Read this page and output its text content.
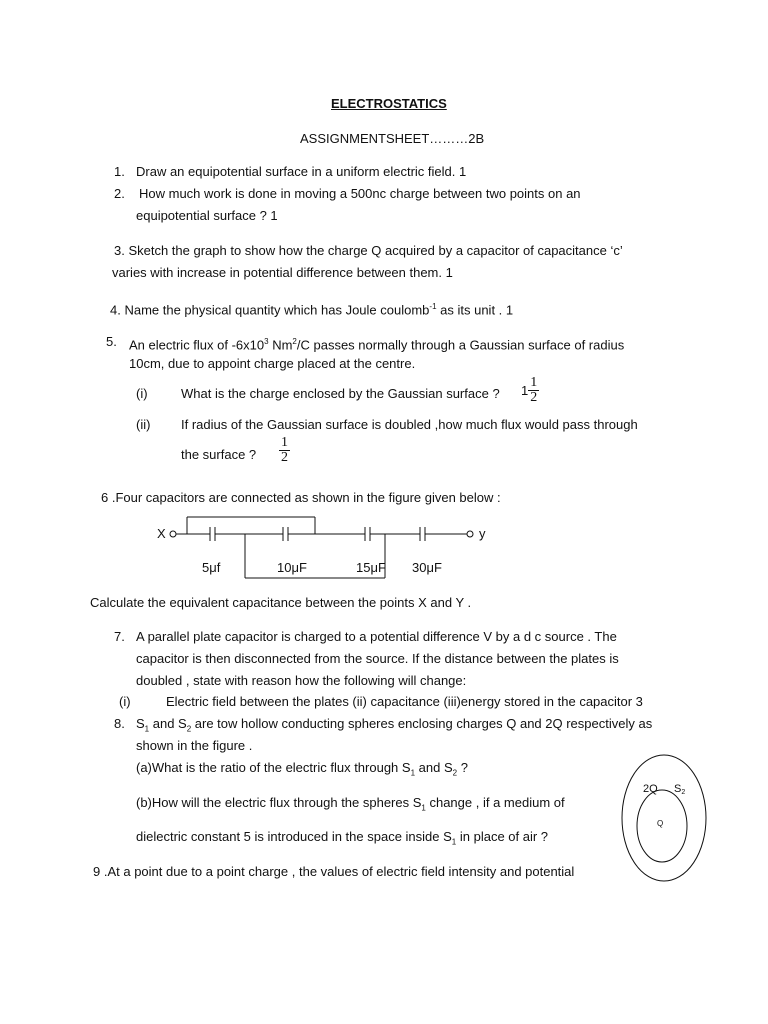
ELECTROSTATICS
ASSIGNMENTSHEET………2B
1. Draw an equipotential surface in a uniform electric field. 1
2. How much work is done in moving a 500nc charge between two points on an
equipotential surface ? 1
3. Sketch the graph to show how the charge Q acquired by a capacitor of capacitance ‘c’
varies with increase in potential difference between them. 1
4. Name the physical quantity which has Joule coulomb$^{-1}$ as its unit . 1
5. An electric flux of $-6x10^3$ Nm$^2$/C passes normally through a Gaussian surface of radius
10cm, due to appoint charge placed at the centre.
(i)	What is the charge enclosed by the Gaussian surface ? $1 \frac{1}{2}$
(ii) If radius of the Gaussian surface is doubled ,how much flux would pass through
the surface ? $\frac{1}{2}$
6 .Four capacitors are connected as shown in the figure given below :
X	y
5μf	10μF	15μF 30μF
Calculate the equivalent capacitance between the points X and Y .
7. A parallel plate capacitor is charged to a potential difference V by a d c source . The
capacitor is then disconnected from the source. If the distance between the plates is
doubled , state with reason how the following will change:
(i)	Electric field between the plates (ii) capacitance (iii)energy stored in the capacitor 3
8. $S_1$ and $S_2$ are tow hollow conducting spheres enclosing charges Q and 2Q respectively as
shown in the figure .
(a)What is the ratio of the electric flux through $S_1$ and $S_2$ ?
(b)How will the electric flux through the spheres $S_1$ change , if a medium of
dielectric constant 5 is introduced in the space inside $S_1$ in place of air ?
2Q S2
Q
9 .At a point due to a point charge , the values of electric field intensity and potential
